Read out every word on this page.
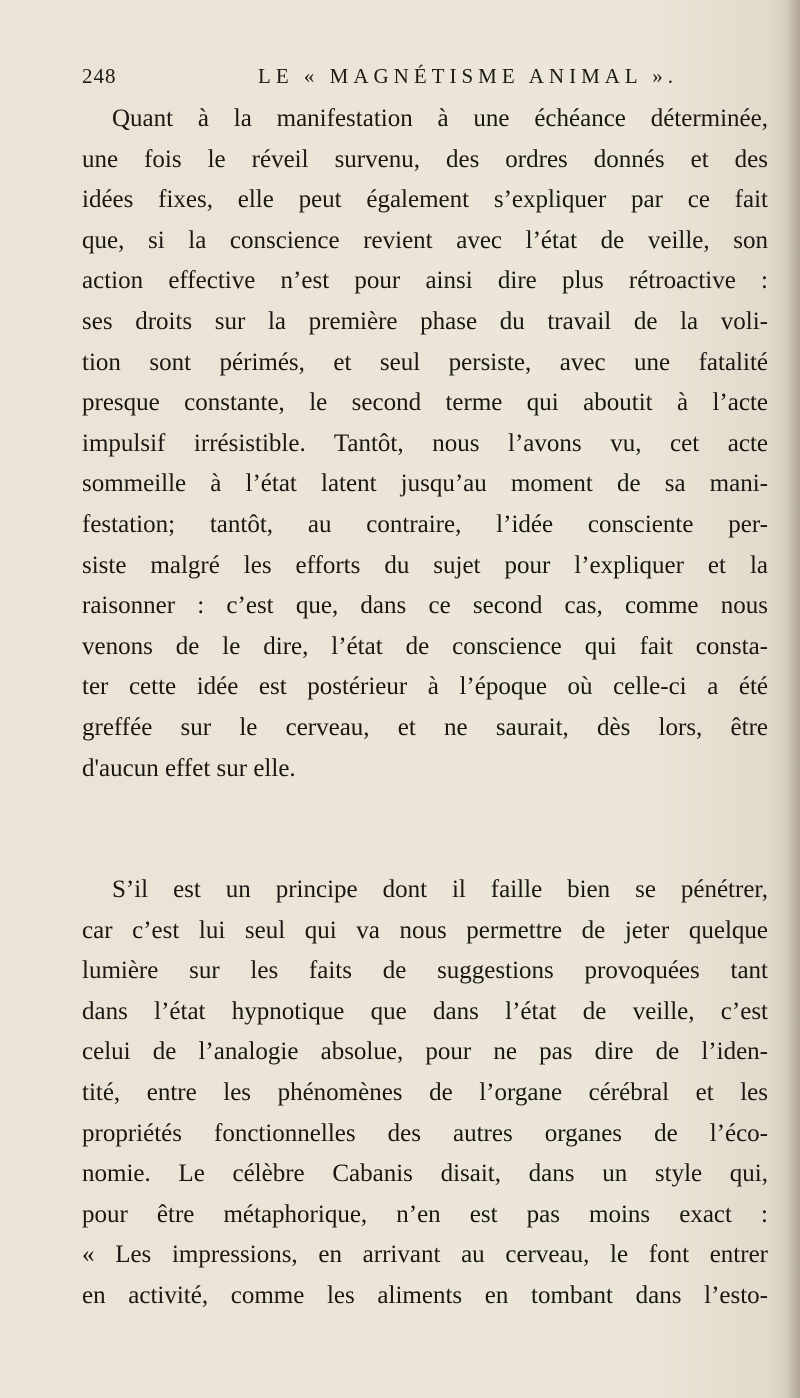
248	LE « MAGNÉTISME ANIMAL ».
Quant à la manifestation à une échéance déterminée,
une fois le réveil survenu, des ordres donnés et des
idées fixes, elle peut également s’expliquer par ce fait
que, si la conscience revient avec l’état de veille, son
action effective n’est pour ainsi dire plus rétroactive :
ses droits sur la première phase du travail de la voli-
tion sont périmés, et seul persiste, avec une fatalité
presque constante, le second terme qui aboutit à l’acte
impulsif irrésistible. Tantôt, nous l’avons vu, cet acte
sommeille à l’état latent jusqu’au moment de sa mani-
festation; tantôt, au contraire, l’idée consciente per-
siste malgré les efforts du sujet pour l’expliquer et la
raisonner : c’est que, dans ce second cas, comme nous
venons de le dire, l’état de conscience qui fait consta-
ter cette idée est postérieur à l’époque où celle-ci a été
greffée sur le cerveau, et ne saurait, dès lors, être
d'aucun effet sur elle.
S’il est un principe dont il faille bien se pénétrer,
car c’est lui seul qui va nous permettre de jeter quelque
lumière sur les faits de suggestions provoquées tant
dans l’état hypnotique que dans l’état de veille, c’est
celui de l’analogie absolue, pour ne pas dire de l’iden-
tité, entre les phénomènes de l’organe cérébral et les
propriétés fonctionnelles des autres organes de l’éco-
nomie. Le célèbre Cabanis disait, dans un style qui,
pour être métaphorique, n’en est pas moins exact :
« Les impressions, en arrivant au cerveau, le font entrer
en activité, comme les aliments en tombant dans l’esto-
